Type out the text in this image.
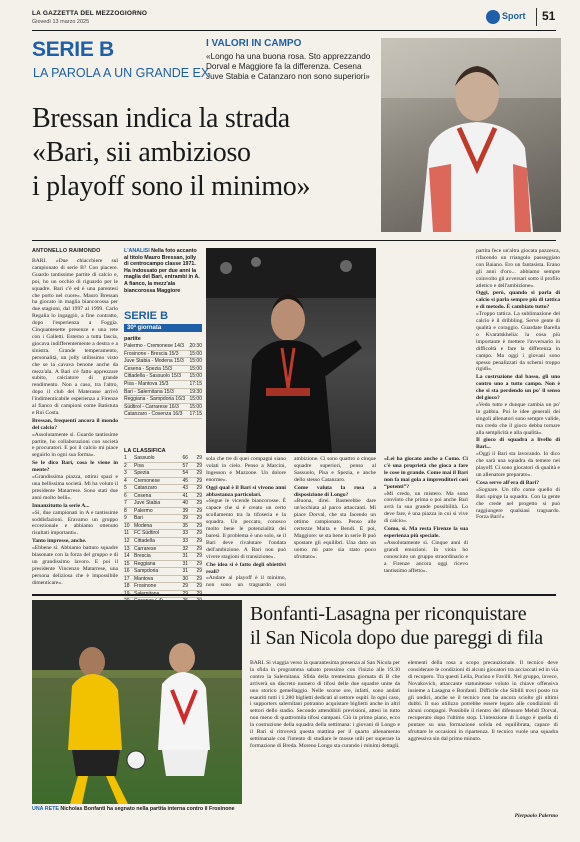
LA GAZZETTA DEL MEZZOGIORNO
Giovedì 13 marzo 2025
Sport 51
SERIE B
LA PAROLA A UN GRANDE EX
I VALORI IN CAMPO
«Longo ha una buona rosa. Sto apprezzando Dorval e Maggiore fa la differenza. Cesena Juve Stabia e Catanzaro non sono superiori»
Bressan indica la strada
«Bari, sii ambizioso
i playoff sono il minimo»
ANTONELLO RAIMONDO
BARI. «Due chiacchiere sul campionato di serie B? Con piacere. Guardo tantissime partite di calcio e, poi, ho un occhio di riguardo per le squadre. Bari c'è ed è una parentesi che porto nel cuore». Mauro Bressan ha giocato in maglia biancorossa per due stagioni, dal 1997 al 1999. Carlo Regalia lo ingaggiò, a fine contratto, dopo l'esperienza a Foggia. Cinquantesette presenze e una rete con i Galletti. Esterno a tutta fascia, giocava indifferentemente a destra e a sinistra. Grande temperamento, personalità, un jolly utilissimo visto che se la cavava benone anche da mezz'ala. A Bari s'è fatto apprezzare subito, calciatore di grande rendimento. Non a caso, tra l'altro, dopo il club del Materasse arrivò l'indimenticabile esperienza a Firenze al fianco di campioni come Batistuta e Rui Costa.
Bressan, frequenti ancora il mondo del calcio?
«Assolutamente sì. Guardo tantissime partite, ho collaborazioni con società e procuratori. E poi il calcio mi piace seguirlo in ogni sua forma».
Se le dico Bari, cosa le viene in mente?
«Grandissima piazza, ottimi spazi e una bellissima società. Mi ha voluto il presidente Matarrese. Sono stati due anni molto belli».
Innanzitutto la serie A...
«Sì, due campionati in A e tantissime soddisfazioni. Eravamo un gruppo eccezionale e abbiamo ottenuto risultati importanti».
Tanto impresse, anche.
«Ebbene sì. Abbiamo battuto squadre blasonate con la forza del gruppo e di un grandissimo lavoro. E poi il presidente Vincenzo Matarrese, una persona deliziosa che è impossibile dimenticare».
L'ANALISI Nella foto accanto al titolo Mauro Bressan, jolly di centrocampo classe 1971. Ha indossato per due anni la maglia del Bari, entrambi in A. A fianco, la mezz'ala biancorossa Maggiore
SERIE B
30ª giornata
partite
Palermo - Cremonese 14/3 20:30
Frosinone - Brescia 15/3 15:00
Juve Stabia - Modena 15/3 15:00
Cesena - Spezia 15/3	15:00
Cittadella - Sassuolo 15/3 15:00
Pisa - Mantova 15/3	17:15
Bari - Salernitana 15/3	19:30
Reggiana - Sampdoria 16/3 15:00
Südtirol - Carrarese 16/3 15:00
Catanzaro - Cosenza 16/3 17:15
LA CLASSIFICA
1	Sassuolo	66	29
2	Pisa	57	29
3	Spezia	54	29
4	Cremonese	45	29
5	Catanzaro	43	29
6	Cesena	41	29
7	Juve Stabia	40	29
8	Palermo	39	29
9	Bari	39	29
10 Modena	35	29
11 FC Südtirol	33	29
12 Cittadella	33	29
13 Carrarese	32	29
14 Brescia	31	29
15 Reggiana	31	29
16 Sampdoria	31	29
17 Mantova	30	29
18 Frosinone	29	29
sola che tre di quei compagni siano volati in cielo. Penso a Marcini, Ingesson e Mazzone. Un dolore enorme».
Oggi qual è il Bari si vivono anni abbastanza particolari.
«Segue le vicende biancorosse. È capace che si è creato un certo scollamento tra la tifoseria e la squadra. Un peccato, conosco molto bene le potenzialità dei baresi. Il problema è uno solo, se il Bari deve rivalutare l'ondata dell'ambizione. A Bari non può vivere stagioni di transizione».
Che idea si è fatto degli obiettivi reali?
«Andare ai playoff è il minimo, non sono un traguardo così
ambizione. Ci sono quattro o cinque squadre superiori, penso al Sassuolo, Pisa e Spezia, e anche dello stesso Catanzaro.
Come valuta la rosa a disposizione di Longo?
«Buona, direi. Basterebbe dare un'occhiata al parco attaccanti. Mi piace Dorval, che sta facendo un ottimo campionato. Penso alle certezze Maita e Bendi. E poi, Maggiore: se sta bene in serie B può spostare gli equilibri. Una dato un uomo mi pare sia stato poco sfruttato».
«Lei ha giocato anche a Como. Ci c'è una proprietà che gioca a fare le cose in grande. Come mai il Bari non fa mai gola a imprenditori così “potenti”?
«Mi credo, un mistero. Ma sono convinto che prima o poi anche Bari avrà la sua grande possibilità. Lo deve fare, è una piazza in cui si vive di calcio».
Como, sì. Ma resta Firenze la sua esperienza più speciale.
«Assolutamente sì. Cinque anni di grandi emozioni. In viola ho conosciuto un gruppo straordinario e a Firenze ancora oggi ricevo tantissimo affetto».
partita fece un'altra giocata pazzesca, rifacendo un triangolo passeggiato con Baiano. Ero un fantasista. Erano gli anni d'oro... abbiamo sempre coinvolto gli avversari sotto il profilo atletico e dell'ambizione».
Oggi, però, quando si parla di calcio si parla sempre più di tattica e di metodo. È cambiato tutto?
«Troppo tattica. La sublimazione del calcio è il dribbling. Serve gente di qualità e coraggio. Guardate Barella o Kvaratskhelia: la cosa più importante è mettere l'avversario in difficoltà e fare la differenza in campo. Ma oggi i giovani sono spesso penalizzati da schemi troppo rigidi».
La costruzione dal basso, gli uno contro uno a tutto campo. Non è che si sta perdendo un po' il senso del gioco?
«Vedo tutto e dunque cambia un po' in gabbia. Poi le idee generali dei singoli allenatori sono sempre valide, ma credo che il gioco debba tornare alla semplicità e alla qualità».
Il gioco di squadra a livello di Bari...
«Oggi il Bari sta lavorando. Io dico che sarà una squadra da temere nei playoff. Ci sono giocatori di qualità e un allenatore preparato».
Cosa serve all'era di Bari?
«Sognare. Un tifo come quello di Bari spinge la squadra. Con la gente che crede nel progetto si può raggiungere qualsiasi traguardo. Forza Bari!»
UNA RETE Nicholas Bonfanti ha segnato nella partita interna contro il Frosinone
Bonfanti-Lasagna per riconquistare
il San Nicola dopo due pareggi di fila
BARI. Si viaggia verso la quarantesima presenza al San Nicola per la sfida in programma sabato prossimo con l'inizio alle 19.30 contro la Salernitana. Sfida della trentesima giornata di B che arriverà un discreto numero di tifosi delle due squadre unite da uno storico gemellaggio. Nelle scorse ore, infatti, sono andati esauriti tutti i 1.280 biglietti dedicati al settore ospiti. In ogni caso, i supporters salernitani potranno acquistare biglietti anche in altri settori dello stadio. Secondo attendibili previsioni, attesi in tutto non meno di quattromila tifosi campani. Ciò in primo piano, ecco la costruzione della squadra della settimana: i giovani di Longo e il Bari si ritroverà questa mattina per il quarto allenamento settimanale con l'intento di studiare le mosse utili per superare la formazione di Breda. Moreno Longo sta curando i minimi dettagli.
elementi della rosa a scopo precauzionale. Il tecnico deve considerare le condizioni di alcuni giocatori tra acciaccati ed in via di recupero. Tra questi Lella, Pucino e Favilli. Nel gruppo, invece, Novakovich, attaccante statunitense voluto in chiave offensiva insieme a Lasagna e Bonfanti. Difficile che Sibilli trovi posto tra gli undici, anche se il tecnico non ha ancora sciolto gli ultimi dubbi. Il suo utilizzo potrebbe essere legato alle condizioni di alcuni compagni. Possibile il rientro del difensore Mehdi Dorval, recuperato dopo l'ultimo stop. L'intenzione di Longo è quella di puntare su una formazione solida ed equilibrata, capace di sfruttare le occasioni in ripartenza. Il tecnico vuole una squadra aggressiva sin dal primo minuto.
Pierpaolo Palermo
